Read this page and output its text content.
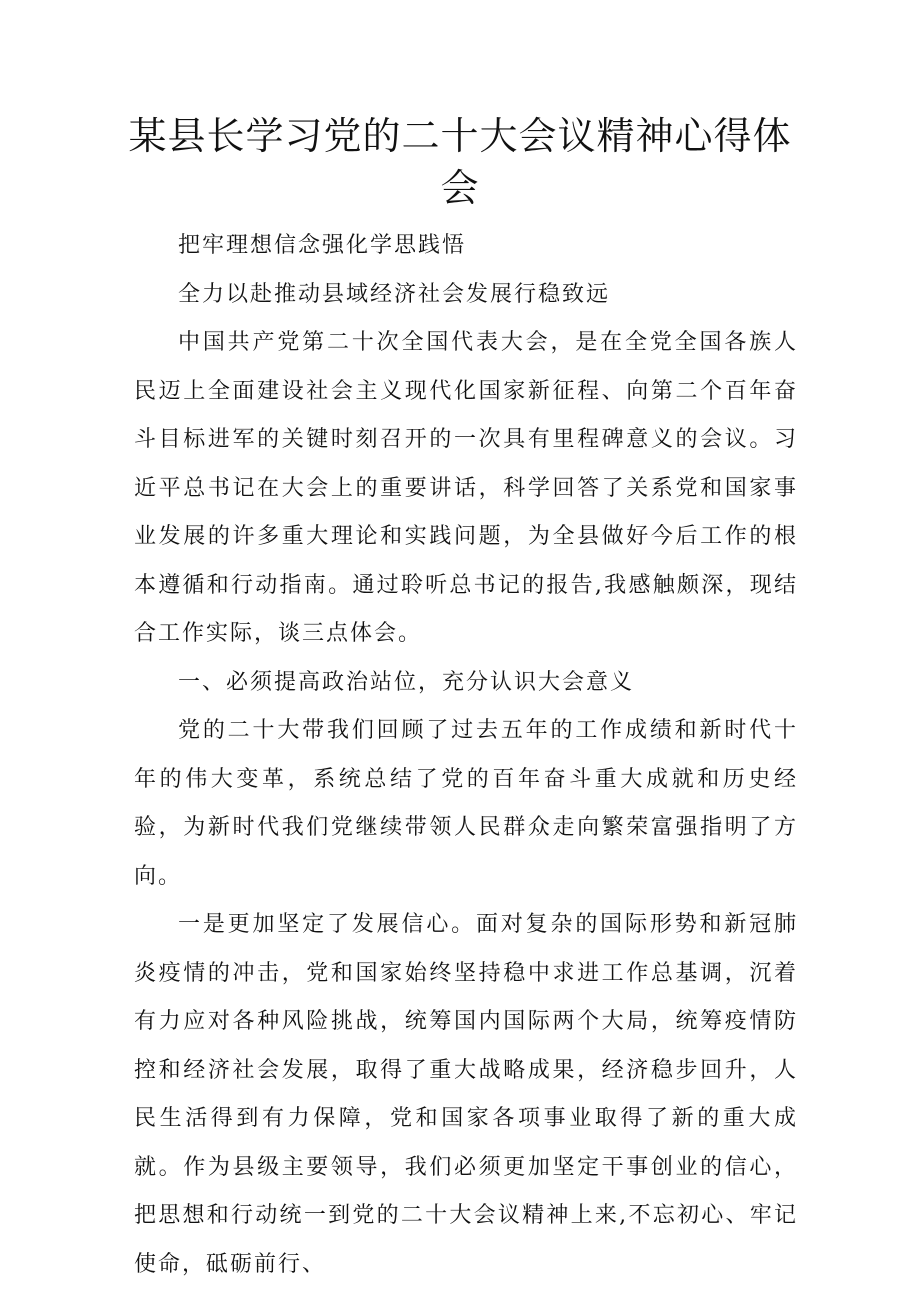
某县长学习党的二十大会议精神心得体会

把牢理想信念强化学思践悟

全力以赴推动县域经济社会发展行稳致远

中国共产党第二十次全国代表大会，是在全党全国各族人民迈上全面建设社会主义现代化国家新征程、向第二个百年奋斗目标进军的关键时刻召开的一次具有里程碑意义的会议。习近平总书记在大会上的重要讲话，科学回答了关系党和国家事业发展的许多重大理论和实践问题，为全县做好今后工作的根本遵循和行动指南。通过聆听总书记的报告,我感触颇深，现结合工作实际，谈三点体会。

一、必须提高政治站位，充分认识大会意义

党的二十大带我们回顾了过去五年的工作成绩和新时代十年的伟大变革，系统总结了党的百年奋斗重大成就和历史经验，为新时代我们党继续带领人民群众走向繁荣富强指明了方向。

一是更加坚定了发展信心。面对复杂的国际形势和新冠肺炎疫情的冲击，党和国家始终坚持稳中求进工作总基调，沉着有力应对各种风险挑战，统筹国内国际两个大局，统筹疫情防控和经济社会发展，取得了重大战略成果，经济稳步回升，人民生活得到有力保障，党和国家各项事业取得了新的重大成就。作为县级主要领导，我们必须更加坚定干事创业的信心，把思想和行动统一到党的二十大会议精神上来,不忘初心、牢记使命，砥砺前行、
